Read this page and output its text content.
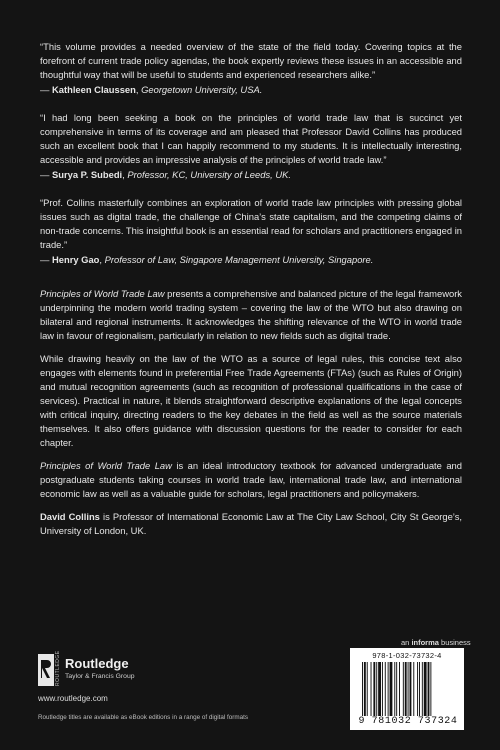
“This volume provides a needed overview of the state of the field today. Covering topics at the forefront of current trade policy agendas, the book expertly reviews these issues in an accessible and thoughtful way that will be useful to students and experienced researchers alike.”

— Kathleen Claussen, Georgetown University, USA.

“I had long been seeking a book on the principles of world trade law that is succinct yet comprehensive in terms of its coverage and am pleased that Professor David Collins has produced such an excellent book that I can happily recommend to my students. It is intellectually interesting, accessible and provides an impressive analysis of the principles of world trade law.”

— Surya P. Subedi, Professor, KC, University of Leeds, UK.

“Prof. Collins masterfully combines an exploration of world trade law principles with pressing global issues such as digital trade, the challenge of China’s state capitalism, and the competing claims of non-trade concerns. This insightful book is an essential read for scholars and practitioners engaged in trade.”

— Henry Gao, Professor of Law, Singapore Management University, Singapore.

Principles of World Trade Law presents a comprehensive and balanced picture of the legal framework underpinning the modern world trading system – covering the law of the WTO but also drawing on bilateral and regional instruments. It acknowledges the shifting relevance of the WTO in world trade law in favour of regionalism, particularly in relation to new fields such as digital trade.

While drawing heavily on the law of the WTO as a source of legal rules, this concise text also engages with elements found in preferential Free Trade Agreements (FTAs) (such as Rules of Origin) and mutual recognition agreements (such as recognition of professional qualifications in the case of services). Practical in nature, it blends straightforward descriptive explanations of the legal concepts with critical inquiry, directing readers to the key debates in the field as well as the source materials themselves. It also offers guidance with discussion questions for the reader to consider for each chapter.

Principles of World Trade Law is an ideal introductory textbook for advanced undergraduate and postgraduate students taking courses in world trade law, international trade law, and international economic law as well as a valuable guide for scholars, legal practitioners and policymakers.

David Collins is Professor of International Economic Law at The City Law School, City St George’s, University of London, UK.

an informa business
ROUTLEDGE Routledge
Taylor & Francis Group
www.routledge.com
Routledge titles are available as eBook editions in a range of digital formats
978-1-032-73732-4
9 781032 737324
